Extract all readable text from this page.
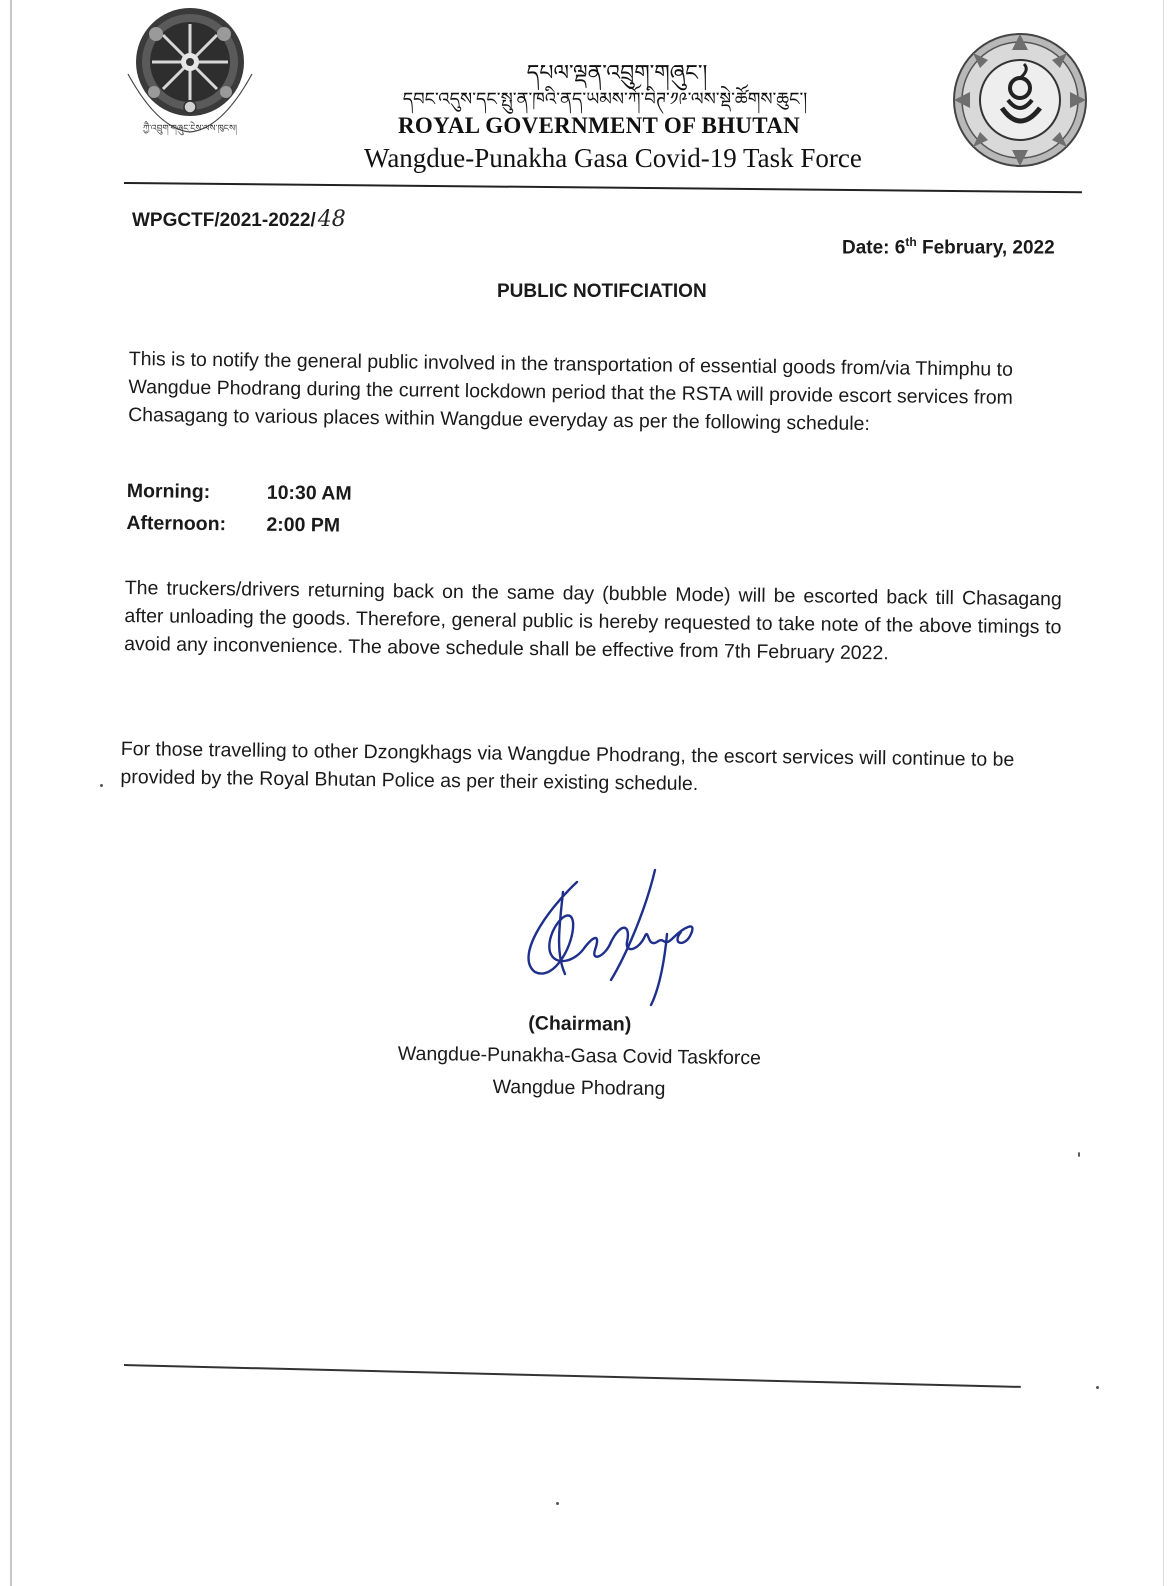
ཀྱཻ་འབྲུག་གཞུང་ངེས་ལས་ཁུངས།
དཔལ་ལྡན་འབྲུག་གཞུང་།
དབང་འདུས་དང་སྤུ་ན་ཁའི་ནད་ཡམས་ཀོ་བིཊ་༡༩་ལས་སྡེ་ཚོགས་ཆུང་།
ROYAL GOVERNMENT OF BHUTAN
Wangdue-Punakha Gasa Covid-19 Task Force
WPGCTF/2021-2022/48
Date: 6th February, 2022
PUBLIC NOTIFCIATION
This is to notify the general public involved in the transportation of essential goods from/via Thimphu to Wangdue Phodrang during the current lockdown period that the RSTA will provide escort services from Chasagang to various places within Wangdue everyday as per the following schedule:
Morning:	10:30 AM
Afternoon:	2:00 PM
The truckers/drivers returning back on the same day (bubble Mode) will be escorted back till Chasagang after unloading the goods. Therefore, general public is hereby requested to take note of the above timings to avoid any inconvenience. The above schedule shall be effective from 7th February 2022.
For those travelling to other Dzongkhags via Wangdue Phodrang, the escort services will continue to be provided by the Royal Bhutan Police as per their existing schedule.
(Chairman)
Wangdue-Punakha-Gasa Covid Taskforce
Wangdue Phodrang
